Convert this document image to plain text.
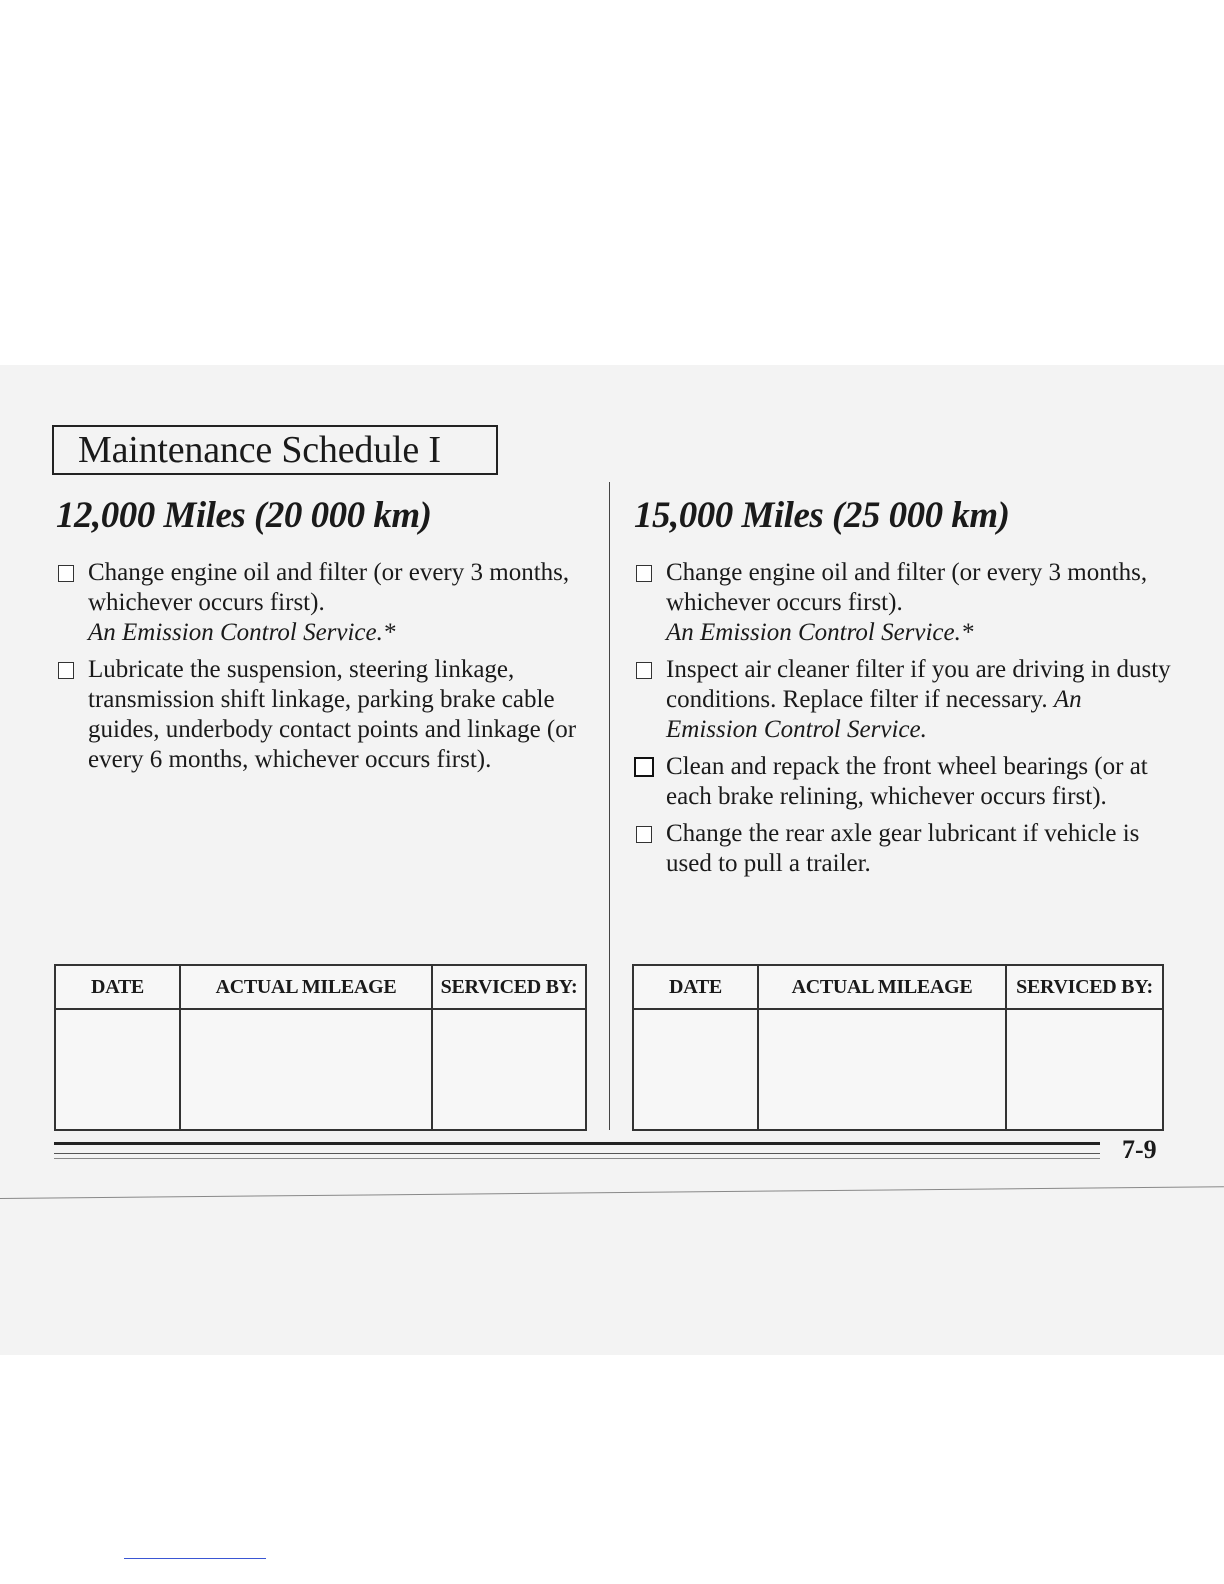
Maintenance Schedule I
12,000 Miles (20 000 km)
Change engine oil and filter (or every 3 months, whichever occurs first).
An Emission Control Service.*
Lubricate the suspension, steering linkage, transmission shift linkage, parking brake cable guides, underbody contact points and linkage (or every 6 months, whichever occurs first).
15,000 Miles (25 000 km)
Change engine oil and filter (or every 3 months, whichever occurs first).
An Emission Control Service.*
Inspect air cleaner filter if you are driving in dusty conditions. Replace filter if necessary. An Emission Control Service.
Clean and repack the front wheel bearings (or at each brake relining, whichever occurs first).
Change the rear axle gear lubricant if vehicle is used to pull a trailer.
DATE	ACTUAL MILEAGE	SERVICED BY:
			DATE	ACTUAL MILEAGE	SERVICED BY:

7-9
